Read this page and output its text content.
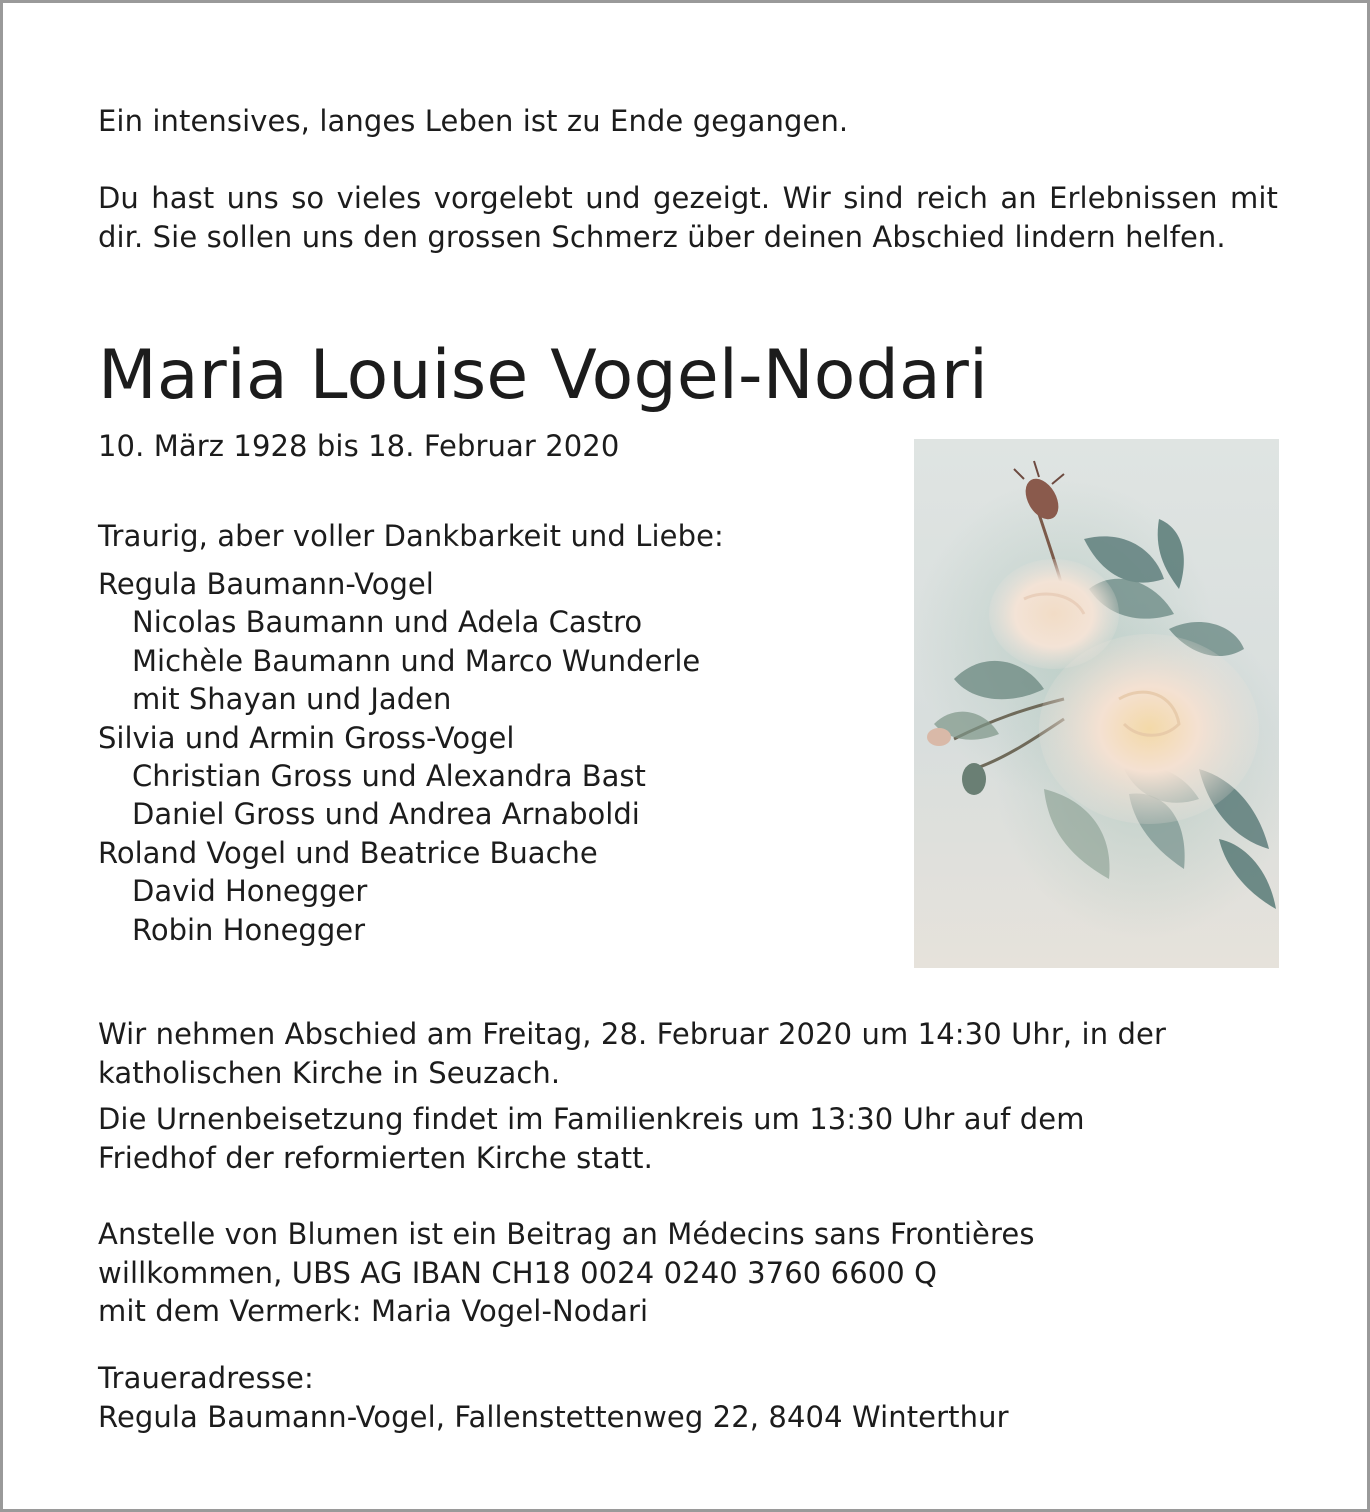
Ein intensives, langes Leben ist zu Ende gegangen.

Du hast uns so vieles vorgelebt und gezeigt. Wir sind reich an Erlebnissen mit dir. Sie sollen uns den grossen Schmerz über deinen Abschied lindern helfen.

Maria Louise Vogel-Nodari

10. März 1928 bis 18. Februar 2020

Traurig, aber voller Dankbarkeit und Liebe:

Regula Baumann-Vogel
Nicolas Baumann und Adela Castro
Michèle Baumann und Marco Wunderle
mit Shayan und Jaden
Silvia und Armin Gross-Vogel
Christian Gross und Alexandra Bast
Daniel Gross und Andrea Arnaboldi
Roland Vogel und Beatrice Buache
David Honegger
Robin Honegger
Wir nehmen Abschied am Freitag, 28. Februar 2020 um 14:30 Uhr, in der
katholischen Kirche in Seuzach.
Die Urnenbeisetzung findet im Familienkreis um 13:30 Uhr auf dem
Friedhof der reformierten Kirche statt.
Anstelle von Blumen ist ein Beitrag an Médecins sans Frontières
willkommen, UBS AG IBAN CH18 0024 0240 3760 6600 Q
mit dem Vermerk: Maria Vogel-Nodari
Traueradresse:
Regula Baumann-Vogel, Fallenstettenweg 22, 8404 Winterthur
